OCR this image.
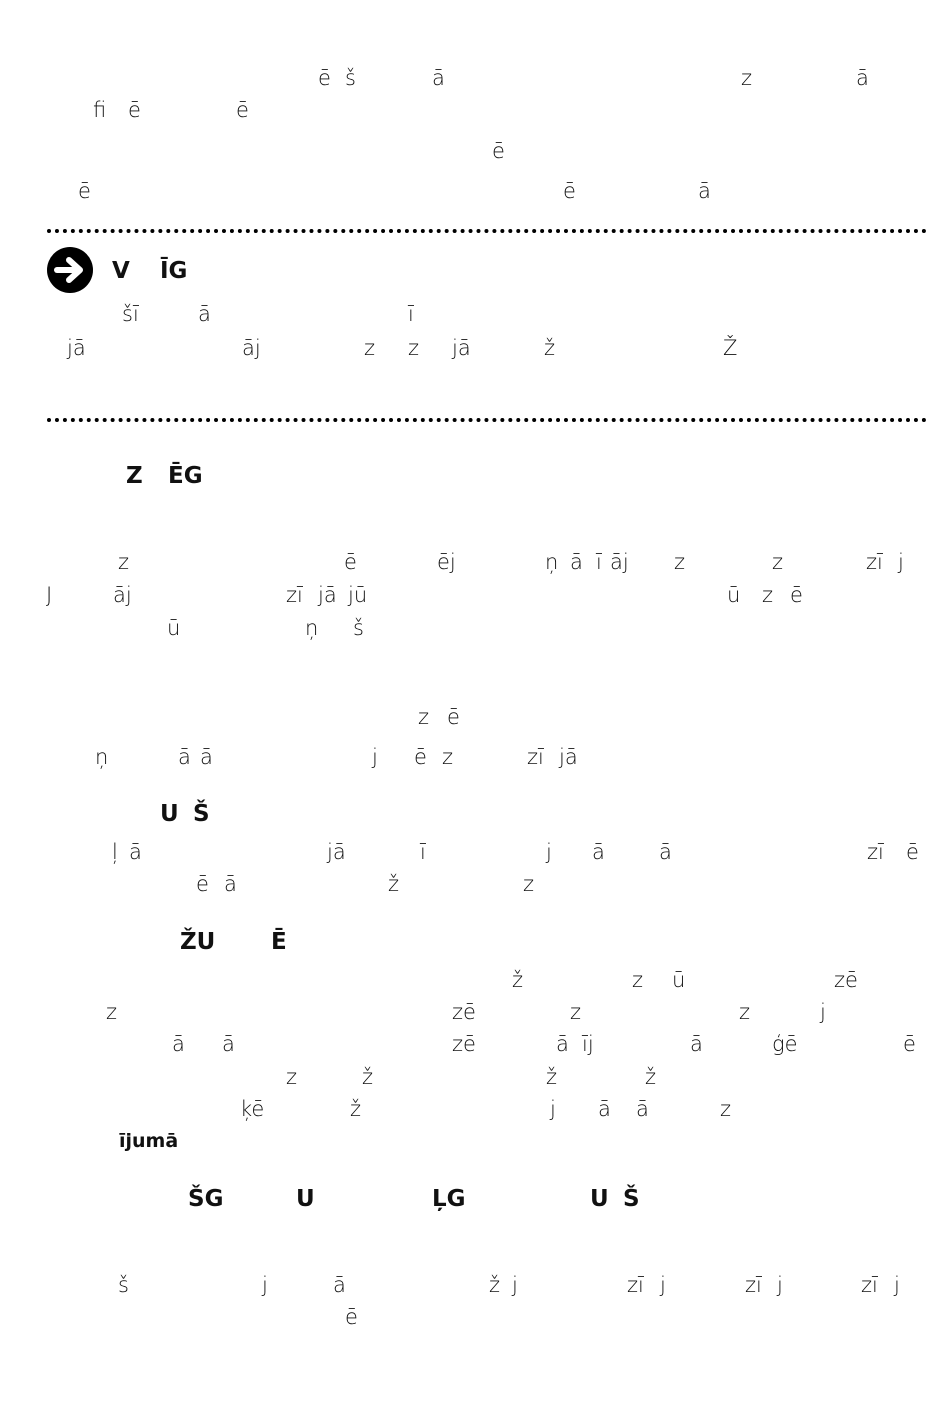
ē š	ā	z	ā
fi ē	ē
ē
ē	ē	ā
V ĪG
šī	ā	ī
jā	āj	z z jā	ž	Ž
Z ĒG
z	ē	ēj	ņ ā ī āj z	z	zī j
J	āj	zī jā jū	ū z ē
ū	ņ š
z ē
ņ	ā ā	j ē z	zī jā
U Š
ļ ā	jā	ī	j ā	ā	zī ē
ē ā	ž	z
ŽU Ē
ž	z ū	zē
z	zē	z	z	j
ā ā	zē	ā īj	ā	ģē	ē
z	ž	ž	ž
ķē	ž	j ā ā	z
ījumā
ŠG	U	ĻG	U Š
š	j	ā	ž j	zī j	zī j	zī j
ē
